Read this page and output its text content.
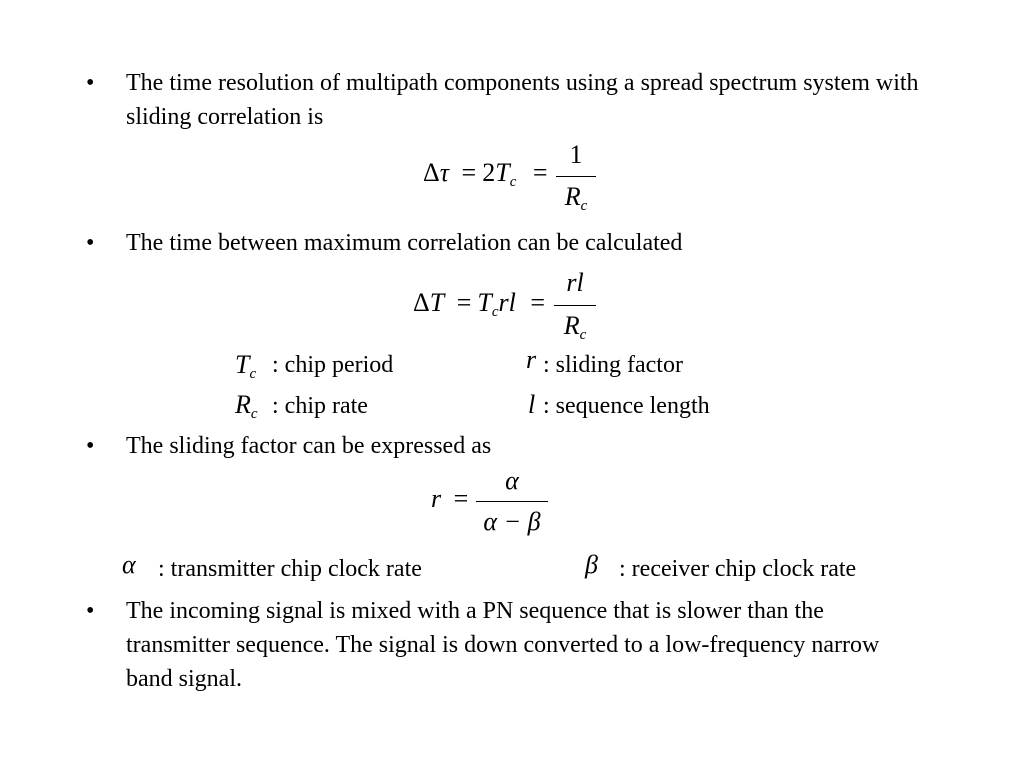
• The time resolution of multipath components using a spread spectrum system with sliding correlation is
$\Delta\tau = 2T_c$ =
1
$R_c$
• The time between maximum correlation can be calculated
$\Delta T = T_crl$ =
rl
$R_c$
$T_c$ : chip period	r : sliding factor
$R_c$ : chip rate	l : sequence length
• The sliding factor can be expressed as
r =
α
α − β
α : transmitter chip clock rate	β : receiver chip clock rate
• The incoming signal is mixed with a PN sequence that is slower than the transmitter sequence. The signal is down converted to a low-frequency narrow band signal.
